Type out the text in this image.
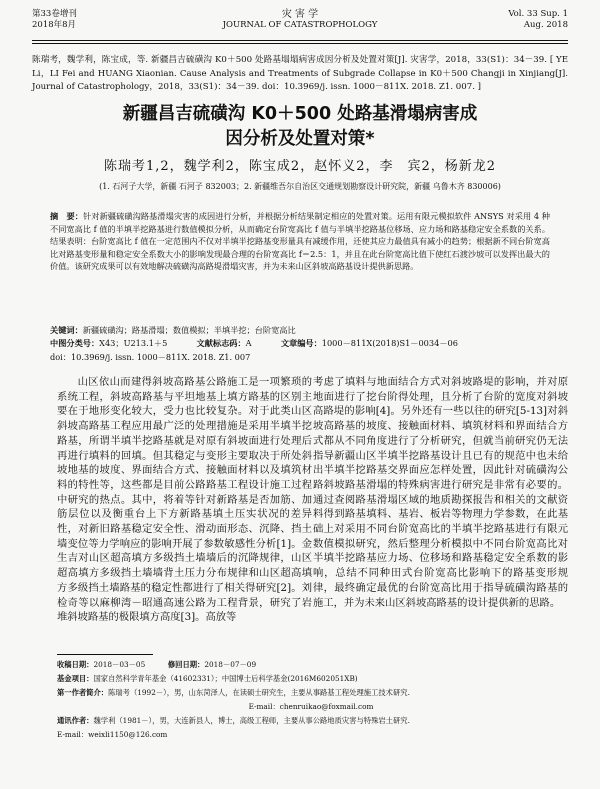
第33卷增刊
2018年8月
灾 害 学
JOURNAL OF CATASTROPHOLOGY
Vol. 33 Sup. 1
Aug. 2018
陈瑞考，魏学利，陈宝成，等. 新疆昌吉硫磺沟 K0＋500 处路基塌塌病害成因分析及处置对策[J]. 灾害学，2018，33(S1)：34－39. [ YE Li，LI Fei and HUANG Xiaonian. Cause Analysis and Treatments of Subgrade Collapse in K0＋500 Changji in Xinjiang[J]. Journal of Catastrophology，2018，33(S1)：34－39. doi：10.3969/j. issn. 1000－811X. 2018. Z1. 007. ]
新疆昌吉硫磺沟 K0＋500 处路基滑塌病害成
因分析及处置对策*
陈瑞考1,2，魏学利2，陈宝成2，赵怀义2，李　宾2，杨新龙2
(1. 石河子大学，新疆 石河子 832003；2. 新疆维吾尔自治区交通规划勘察设计研究院，新疆 乌鲁木齐 830006)
摘　要：针对新疆硫磺沟路基滑塌灾害的成因进行分析，并根据分析结果制定相应的处置对策。运用有限元模拟软件 ANSYS 对采用 4 种不同宽高比 f 值的半填半挖路基进行数值模拟分析，从而确定台阶宽高比 f 值与半填半挖路基位移场、应力场和路基稳定安全系数的关系。结果表明：台阶宽高比 f 值在一定范围内不仅对半填半挖路基变形量具有减缓作用，还使其应力最值具有减小的趋势；根据新不同台阶宽高比对路基变形量和稳定安全系数大小的影响发现最合理的台阶宽高比 f＝2.5：1，并且在此台阶宽高比值下使红石渡沙坡可以发挥出最大的价值。该研究成果可以有效地解决硫磺沟高路堤滑塌灾害，并为未来山区斜坡高路基设计提供新思路。
关键词：新疆硫磺沟；路基滑塌；数值模拟；半填半挖；台阶宽高比
中图分类号：X43；U213.1＋5	文献标志码：A	文章编号：1000－811X(2018)S1－0034－06
doi：10.3969/j. issn. 1000－811X. 2018. Z1. 007
山区依山而建得斜坡高路基公路施工是一项繁琐的系统工程，斜坡高路基与平坦地基上填方路基的区别主要在于地形变化较大，受力也比较复杂。对于此类山区斜坡高路基工程应用最广泛的处理措施是采用半填半挖路基，所谓半填半挖路基就是对原有斜坡面进行处理后再进行填料的回填。但其稳定与变形主要取决于所处斜坡地基的坡度、界面结合方式、接触面材料以及填筑材料的特性等，这些都是目前公路路基工程设计施工过程中研究的热点。其中，将着等针对新路基是否加筋、加筋层位以及衡重台上下方新路基填土压实状况的差异性，对新旧路基稳定安全性、滑动面形态、沉降、挡土墙变位等力学响应的影响开展了参数敏感性分析[1]。金生吉对山区超高填方多级挡土墙墙后的沉降规律，山区超高填方多级挡土墙墙背土压力分布规律和山区超高填方多级挡土墙路基的稳定性都进行了相关得研究[2]。刘检奇等以麻柳湾－昭通高速公路为工程背景，研究了岩堆斜坡路基的极限填方高度[3]。高放等
考虑了填料与地面结合方式对斜坡路堤的影响，并对原地面进行了挖台阶得处理，且分析了台阶的宽度对斜坡高路堤的影响[4]。另外还有一些以往的研究[5-13]对斜坡高路基的坡度、接触面材料、填筑材料和界面结合方式都从不同角度进行了分析研究，但就当前研究仍无法指导新疆山区半填半挖路基设计且已有的规范中也未给出半填半挖路基交界面应怎样处置，因此针对硫磺沟公路斜坡路基滑塌的特殊病害进行研究是非常有必要的。通过查阅路基滑塌区域的地质勘探报告和相关的文献资料得到路基填料、基岩、板岩等物理力学参数，在此基础上对采用不同台阶宽高比的半填半挖路基进行有限元数值模拟研究，然后整理分析模拟中不同台阶宽高比对半填半挖路基应力场、位移场和路基稳定安全系数的影响，总结不同种田式台阶宽高比影响下的路基变形规律，最终确定最优的台阶宽高比用于指导硫磺沟路基的施工，并为未来山区斜坡高路基的设计提供新的思路。
收稿日期：2018－03－05	修回日期：2018－07－09
基金项目：国家自然科学青年基金（41602331）；中国博士后科学基金(2016M602051XB)
第一作者简介：陈瑞考（1992－），男，山东菏泽人，在读硕士研究生，主要从事路基工程处理施工技术研究.
E-mail：chenruikao@foxmail.com
通讯作者：魏学利（1981－），男，大连新县人，博士，高级工程师，主要从事公路地质灾害与特殊岩土研究.
E-mail：weixli1150@126.com
